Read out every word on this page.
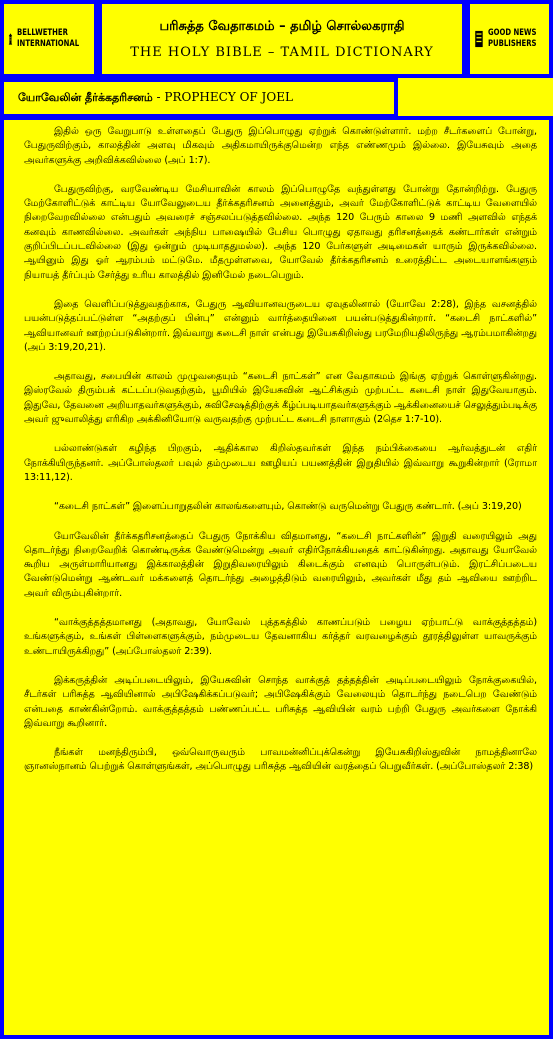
BELLWETHER
INTERNATIONAL
பரிசுத்த வேதாகமம் – தமிழ் சொல்லகராதி
THE HOLY BIBLE – TAMIL DICTIONARY
GOOD NEWS
PUBLISHERS
யோவேலின் தீர்க்கதரிசனம் - PROPHECY OF JOEL

இதில் ஒரு வேறுபாடு உள்ளதைப் பேதுரு இப்பொழுது ஏற்றுக் கொண்டுள்ளார். மற்ற சீடர்களைப் போன்று, பேதுருவிற்கும், காலத்தின் அளவு மிகவும் அதிகமாயிருக்குமென்ற எந்த எண்ணமும் இல்லை. இயேசுவும் அதை அவர்களுக்கு அறிவிக்கவில்லை (அப் 1:7).

பேதுருவிற்கு, வரவேண்டிய மேசியாவின் காலம் இப்பொழுதே வந்துள்ளது போன்று தோன்றிற்று. பேதுரு மேற்கோளிட்டுக் காட்டிய யோவேலுடைய தீர்க்கதரிசனம் அனைத்தும், அவர் மேற்கோளிட்டுக் காட்டிய வேளையில் நிறைவேறவில்லை என்பதும் அவரைச் சஞ்சலப்படுத்தவில்லை. அந்த 120 பேரும் காலை 9 மணி அளவில் எந்தக் கனவும் காணவில்லை. அவர்கள் அந்நிய பாஷையில் பேசிய பொழுது ஏதாவது தரிசனத்தைக் கண்டார்கள் என்றும் குறிப்பிடப்படவில்லை (இது ஒன்றும் முடியாததுமல்ல). அந்த 120 பேர்களுள் அடிமைகள் யாரும் இருக்கவில்லை. ஆயினும் இது ஓர் ஆரம்பம் மட்டுமே. மீதமுள்ளவை, யோவேல் தீர்க்கதரிசனம் உரைத்திட்ட அடையாளங்களும் நியாயத் தீர்ப்பும் சேர்த்து உரிய காலத்தில் இனிமேல் நடைபெறும்.

இதை வெளிப்படுத்துவதற்காக, பேதுரு ஆவியானவருடைய ஏவுதலினால் (யோவே 2:28), இந்த வசனத்தில் பயன்படுத்தப்பட்டுள்ள “அதற்குப் பின்பு” என்னும் வார்த்தையினை பயன்படுத்துகின்றார். “கடைசி நாட்களில்” ஆவியானவர் ஊற்றப்படுகின்றார். இவ்வாறு கடைசி நாள் என்பது இயேசுகிறிஸ்து பரமேறியதிலிருந்து ஆரம்பமாகின்றது (அப் 3:19,20,21).

அதாவது, சபையின் காலம் முழுவதையும் “கடைசி நாட்கள்” என வேதாகமம் இங்கு ஏற்றுக் கொள்ளுகின்றது. இஸ்ரவேல் திரும்பக் கட்டப்படுவதற்கும், பூமியில் இயேசுவின் ஆட்சிக்கும் முற்பட்ட கடைசி நாள் இதுவேயாகும். இதுவே, தேவனை அறியாதவர்களுக்கும், சுவிசேஷத்திற்குக் கீழ்ப்படியாதவர்களுக்கும் ஆக்கினையைச் செலுத்தும்படிக்கு அவர் ஜுவாலித்து எரிகிற அக்கினியோடு வருவதற்கு முற்பட்ட கடைசி நாளாகும் (2தெச 1:7-10).

பல்லாண்டுகள் கழிந்த பிறகும், ஆதிக்கால கிறிஸ்தவர்கள் இந்த நம்பிக்கையை ஆர்வத்துடன் எதிர் நோக்கியிருந்தனர். அப்போஸ்தலர் பவுல் தம்முடைய ஊழியப் பயணத்தின் இறுதியில் இவ்வாறு கூறுகின்றார் (ரோமா 13:11,12).

“கடைசி நாட்கள்” இளைப்பாறுதலின் காலங்களையும், கொண்டு வருமென்று பேதுரு கண்டார். (அப் 3:19,20)

யோவேலின் தீர்க்கதரிசனத்தைப் பேதுரு நோக்கிய விதமானது, “கடைசி நாட்களின்” இறுதி வரையிலும் அது தொடர்ந்து நிறைவேறிக் கொண்டிருக்க வேண்டுமென்று அவர் எதிர்நோக்கியதைக் காட்டுகின்றது. அதாவது யோவேல் கூறிய அருள்மாரியானது இக்காலத்தின் இறுதிவரையிலும் கிடைக்கும் எனவும் பொருள்படும். இரட்சிப்படைய வேண்டுமென்று ஆண்டவர் மக்களைத் தொடர்ந்து அழைத்திடும் வரையிலும், அவர்கள் மீது தம் ஆவியை ஊற்றிட அவர் விரும்புகின்றார்.

“வாக்குத்தத்தமானது (அதாவது, யோவேல் புத்தகத்தில் காணப்படும் பழைய ஏற்பாட்டு வாக்குத்தத்தம்) உங்களுக்கும், உங்கள் பிள்ளைகளுக்கும், நம்முடைய தேவனாகிய கர்த்தர் வரவழைக்கும் தூரத்திலுள்ள யாவருக்கும் உண்டாயிருக்கிறது” (அப்போஸ்தலர் 2:39).

இக்கருத்தின் அடிப்படையிலும், இயேசுவின் சொந்த வாக்குத் தத்தத்தின் அடிப்படையிலும் நோக்குகையில், சீடர்கள் பரிசுத்த ஆவியினால் அபிஷேகிக்கப்படுவர்; அபிஷேகிக்கும் வேலையும் தொடர்ந்து நடைபெற வேண்டும் என்பதை காண்கின்றோம். வாக்குத்தத்தம் பண்ணப்பட்ட பரிசுத்த ஆவியின் வரம் பற்றி பேதுரு அவர்களை நோக்கி இவ்வாறு கூறினார்.

நீங்கள் மனந்திரும்பி, ஒவ்வொருவரும் பாவமன்னிப்புக்கென்று இயேசுகிறிஸ்துவின் நாமத்தினாலே ஞானஸ்நானம் பெற்றுக் கொள்ளுங்கள், அப்பொழுது பரிசுத்த ஆவியின் வரத்தைப் பெறுவீர்கள். (அப்போஸ்தலர் 2:38)
